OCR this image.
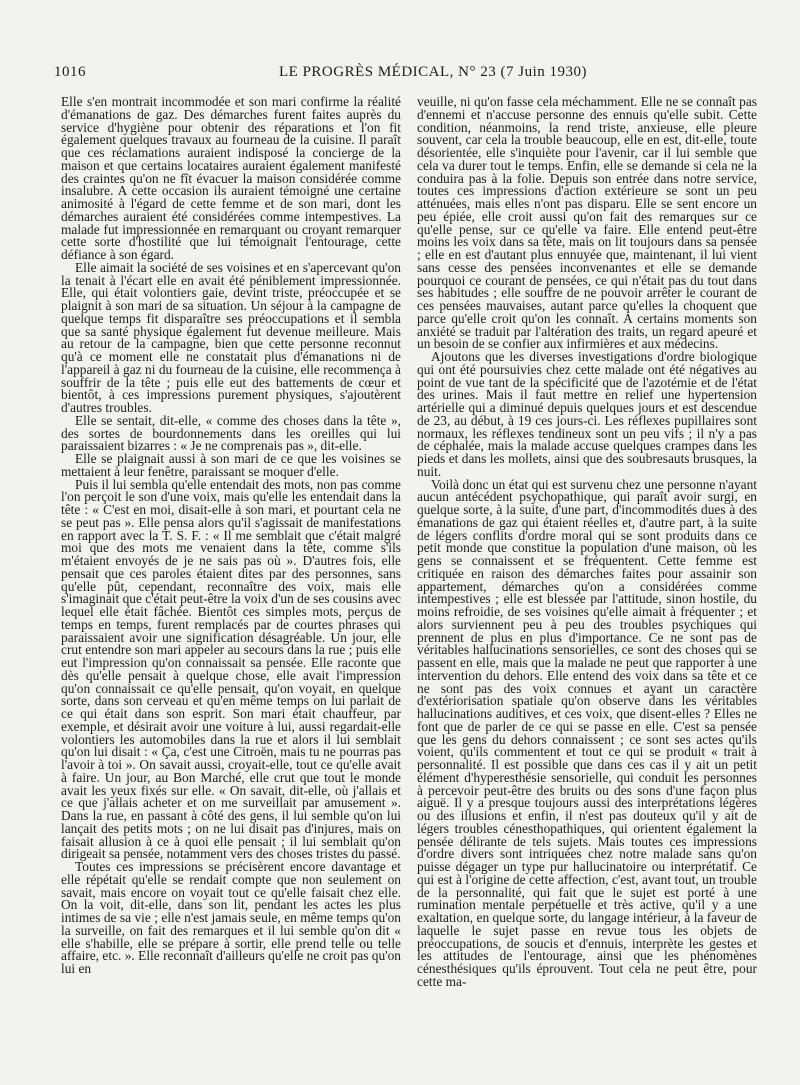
1016	LE PROGRÈS MÉDICAL, N° 23 (7 Juin 1930)

Elle s'en montrait incommodée et son mari confirme la réalité d'émanations de gaz. Des démarches furent faites auprès du service d'hygiène pour obtenir des réparations et l'on fit également quelques travaux au fourneau de la cuisine. Il paraît que ces réclamations auraient indisposé la concierge de la maison et que certains locataires auraient également manifesté des craintes qu'on ne fît évacuer la maison considérée comme insalubre. A cette occasion ils auraient témoigné une certaine animosité à l'égard de cette femme et de son mari, dont les démarches auraient été considérées comme intempestives. La malade fut impressionnée en remarquant ou croyant remarquer cette sorte d'hostilité que lui témoignait l'entourage, cette défiance à son égard.

Elle aimait la société de ses voisines et en s'apercevant qu'on la tenait à l'écart elle en avait été péniblement impressionnée. Elle, qui était volontiers gaie, devint triste, préoccupée et se plaignit à son mari de sa situation. Un séjour à la campagne de quelque temps fit disparaître ses préoccupations et il sembla que sa santé physique également fut devenue meilleure. Mais au retour de la campagne, bien que cette personne reconnut qu'à ce moment elle ne constatait plus d'émanations ni de l'appareil à gaz ni du fourneau de la cuisine, elle recommença à souffrir de la tête ; puis elle eut des battements de cœur et bientôt, à ces impressions purement physiques, s'ajoutèrent d'autres troubles.

Elle se sentait, dit-elle, « comme des choses dans la tête », des sortes de bourdonnements dans les oreilles qui lui paraissaient bizarres : « Je ne comprenais pas », dit-elle.

Elle se plaignait aussi à son mari de ce que les voisines se mettaient à leur fenêtre, paraissant se moquer d'elle.

Puis il lui sembla qu'elle entendait des mots, non pas comme l'on perçoit le son d'une voix, mais qu'elle les entendait dans la tête : « C'est en moi, disait-elle à son mari, et pourtant cela ne se peut pas ». Elle pensa alors qu'il s'agissait de manifestations en rapport avec la T. S. F. : « Il me semblait que c'était malgré moi que des mots me venaient dans la tête, comme s'ils m'étaient envoyés de je ne sais pas où ». D'autres fois, elle pensait que ces paroles étaient dites par des personnes, sans qu'elle pût, cependant, reconnaître des voix, mais elle s'imaginait que c'était peut-être la voix d'un de ses cousins avec lequel elle était fâchée. Bientôt ces simples mots, perçus de temps en temps, furent remplacés par de courtes phrases qui paraissaient avoir une signification désagréable. Un jour, elle crut entendre son mari appeler au secours dans la rue ; puis elle eut l'impression qu'on connaissait sa pensée. Elle raconte que dès qu'elle pensait à quelque chose, elle avait l'impression qu'on connaissait ce qu'elle pensait, qu'on voyait, en quelque sorte, dans son cerveau et qu'en même temps on lui parlait de ce qui était dans son esprit. Son mari était chauffeur, par exemple, et désirait avoir une voiture à lui, aussi regardait-elle volontiers les automobiles dans la rue et alors il lui semblait qu'on lui disait : « Ça, c'est une Citroën, mais tu ne pourras pas l'avoir à toi ». On savait aussi, croyait-elle, tout ce qu'elle avait à faire. Un jour, au Bon Marché, elle crut que tout le monde avait les yeux fixés sur elle. « On savait, dit-elle, où j'allais et ce que j'allais acheter et on me surveillait par amusement ». Dans la rue, en passant à côté des gens, il lui semble qu'on lui lançait des petits mots ; on ne lui disait pas d'injures, mais on faisait allusion à ce à quoi elle pensait ; il lui semblait qu'on dirigeait sa pensée, notamment vers des choses tristes du passé.

Toutes ces impressions se précisèrent encore davantage et elle répétait qu'elle se rendait compte que non seulement on savait, mais encore on voyait tout ce qu'elle faisait chez elle. On la voit, dit-elle, dans son lit, pendant les actes les plus intimes de sa vie ; elle n'est jamais seule, en même temps qu'on la surveille, on fait des remarques et il lui semble qu'on dit « elle s'habille, elle se prépare à sortir, elle prend telle ou telle affaire, etc. ». Elle reconnaît d'ailleurs qu'elle ne croit pas qu'on lui en

veuille, ni qu'on fasse cela méchamment. Elle ne se connaît pas d'ennemi et n'accuse personne des ennuis qu'elle subit. Cette condition, néanmoins, la rend triste, anxieuse, elle pleure souvent, car cela la trouble beaucoup, elle en est, dit-elle, toute désorientée, elle s'inquiète pour l'avenir, car il lui semble que cela va durer tout le temps. Enfin, elle se demande si cela ne la conduira pas à la folie. Depuis son entrée dans notre service, toutes ces impressions d'action extérieure se sont un peu atténuées, mais elles n'ont pas disparu. Elle se sent encore un peu épiée, elle croit aussi qu'on fait des remarques sur ce qu'elle pense, sur ce qu'elle va faire. Elle entend peut-être moins les voix dans sa tête, mais on lit toujours dans sa pensée ; elle en est d'autant plus ennuyée que, maintenant, il lui vient sans cesse des pensées inconvenantes et elle se demande pourquoi ce courant de pensées, ce qui n'était pas du tout dans ses habitudes ; elle souffre de ne pouvoir arrêter le courant de ces pensées mauvaises, autant parce qu'elles la choquent que parce qu'elle croit qu'on les connaît. A certains moments son anxiété se traduit par l'altération des traits, un regard apeuré et un besoin de se confier aux infirmières et aux médecins.

Ajoutons que les diverses investigations d'ordre biologique qui ont été poursuivies chez cette malade ont été négatives au point de vue tant de la spécificité que de l'azotémie et de l'état des urines. Mais il faut mettre en relief une hypertension artérielle qui a diminué depuis quelques jours et est descendue de 23, au début, à 19 ces jours-ci. Les réflexes pupillaires sont normaux, les réflexes tendineux sont un peu vifs ; il n'y a pas de céphalée, mais la malade accuse quelques crampes dans les pieds et dans les mollets, ainsi que des soubresauts brusques, la nuit.

Voilà donc un état qui est survenu chez une personne n'ayant aucun antécédent psychopathique, qui paraît avoir surgi, en quelque sorte, à la suite, d'une part, d'incommodités dues à des émanations de gaz qui étaient réelles et, d'autre part, à la suite de légers conflits d'ordre moral qui se sont produits dans ce petit monde que constitue la population d'une maison, où les gens se connaissent et se fréquentent. Cette femme est critiquée en raison des démarches faites pour assainir son appartement, démarches qu'on a considérées comme intempestives ; elle est blessée par l'attitude, sinon hostile, du moins refroidie, de ses voisines qu'elle aimait à fréquenter ; et alors surviennent peu à peu des troubles psychiques qui prennent de plus en plus d'importance. Ce ne sont pas de véritables hallucinations sensorielles, ce sont des choses qui se passent en elle, mais que la malade ne peut que rapporter à une intervention du dehors. Elle entend des voix dans sa tête et ce ne sont pas des voix connues et ayant un caractère d'extériorisation spatiale qu'on observe dans les véritables hallucinations auditives, et ces voix, que disent-elles ? Elles ne font que de parler de ce qui se passe en elle. C'est sa pensée que les gens du dehors connaissent ; ce sont ses actes qu'ils voient, qu'ils commentent et tout ce qui se produit « trait à personnalité. Il est possible que dans ces cas il y ait un petit élément d'hyperesthésie sensorielle, qui conduit les personnes à percevoir peut-être des bruits ou des sons d'une façon plus aiguë. Il y a presque toujours aussi des interprétations légères ou des illusions et enfin, il n'est pas douteux qu'il y ait de légers troubles cénesthopathiques, qui orientent également la pensée délirante de tels sujets. Mais toutes ces impressions d'ordre divers sont intriquées chez notre malade sans qu'on puisse dégager un type pur hallucinatoire ou interprétatif. Ce qui est à l'origine de cette affection, c'est, avant tout, un trouble de la personnalité, qui fait que le sujet est porté à une rumination mentale perpétuelle et très active, qu'il y a une exaltation, en quelque sorte, du langage intérieur, à la faveur de laquelle le sujet passe en revue tous les objets de préoccupations, de soucis et d'ennuis, interprète les gestes et les attitudes de l'entourage, ainsi que les phénomènes cénesthésiques qu'ils éprouvent. Tout cela ne peut être, pour cette ma-
